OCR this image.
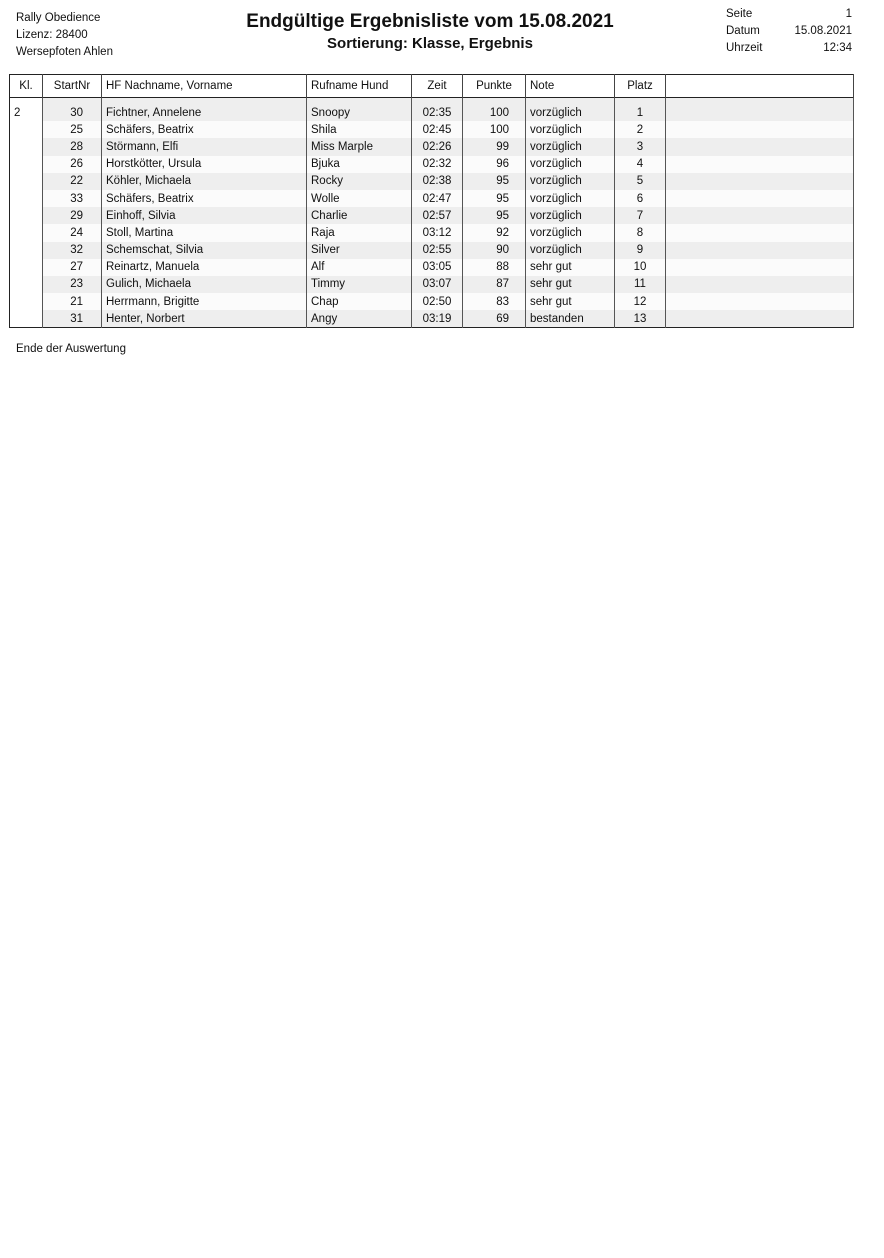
Rally Obedience
Lizenz: 28400
Wersepfoten Ahlen
Endgültige Ergebnisliste vom 15.08.2021
Sortierung: Klasse, Ergebnis
Seite	1
Datum	15.08.2021
Uhrzeit	12:34
Kl.	StartNr	HF Nachname, Vorname	Rufname Hund	Zeit	Punkte	Note	Platz	
2	30	Fichtner, Annelene	Snoopy	02:35	100	vorzüglich	1	
	25	Schäfers, Beatrix	Shila	02:45	100	vorzüglich	2	
	28	Störmann, Elfi	Miss Marple	02:26	99	vorzüglich	3	
	26	Horstkötter, Ursula	Bjuka	02:32	96	vorzüglich	4	
	22	Köhler, Michaela	Rocky	02:38	95	vorzüglich	5	
	33	Schäfers, Beatrix	Wolle	02:47	95	vorzüglich	6	
	29	Einhoff, Silvia	Charlie	02:57	95	vorzüglich	7	
	24	Stoll, Martina	Raja	03:12	92	vorzüglich	8	
	32	Schemschat, Silvia	Silver	02:55	90	vorzüglich	9	
	27	Reinartz, Manuela	Alf	03:05	88	sehr gut	10	
	23	Gulich, Michaela	Timmy	03:07	87	sehr gut	11	
	21	Herrmann, Brigitte	Chap	02:50	83	sehr gut	12	
	31	Henter, Norbert	Angy	03:19	69	bestanden	13	
Ende der Auswertung
